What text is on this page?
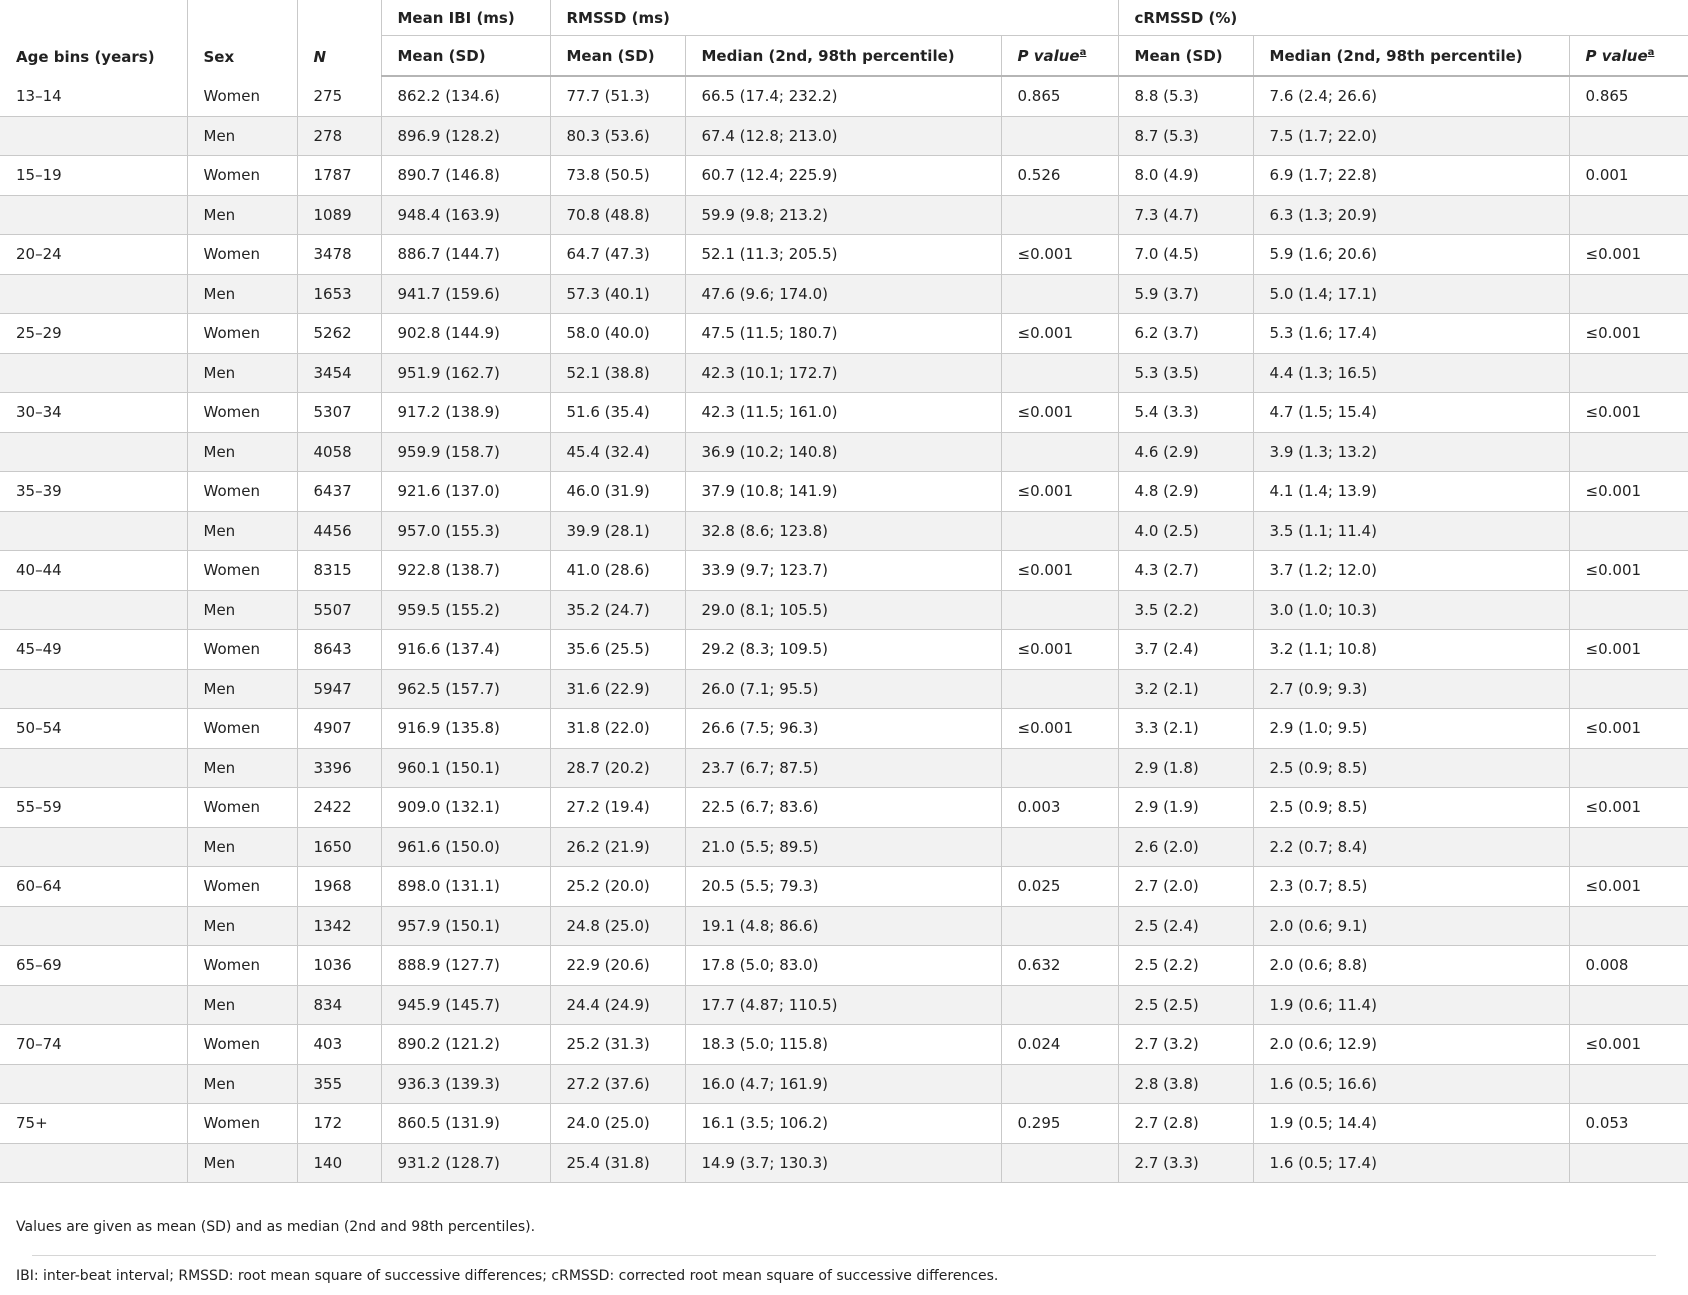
Age bins (years)	Sex	N	Mean IBI (ms)	RMSSD (ms)			cRMSSD (%)		
			Mean (SD)	Mean (SD)	Median (2nd, 98th percentile)	P value$^a$	Mean (SD)	Median (2nd, 98th percentile)	P value$^a$
13–14	Women	275	862.2 (134.6)	77.7 (51.3)	66.5 (17.4; 232.2)	0.865	8.8 (5.3)	7.6 (2.4; 26.6)	0.865
	Men	278	896.9 (128.2)	80.3 (53.6)	67.4 (12.8; 213.0)		8.7 (5.3)	7.5 (1.7; 22.0)	
15–19	Women	1787	890.7 (146.8)	73.8 (50.5)	60.7 (12.4; 225.9)	0.526	8.0 (4.9)	6.9 (1.7; 22.8)	0.001
	Men	1089	948.4 (163.9)	70.8 (48.8)	59.9 (9.8; 213.2)		7.3 (4.7)	6.3 (1.3; 20.9)	
20–24	Women	3478	886.7 (144.7)	64.7 (47.3)	52.1 (11.3; 205.5)	≤0.001	7.0 (4.5)	5.9 (1.6; 20.6)	≤0.001
	Men	1653	941.7 (159.6)	57.3 (40.1)	47.6 (9.6; 174.0)		5.9 (3.7)	5.0 (1.4; 17.1)	
25–29	Women	5262	902.8 (144.9)	58.0 (40.0)	47.5 (11.5; 180.7)	≤0.001	6.2 (3.7)	5.3 (1.6; 17.4)	≤0.001
	Men	3454	951.9 (162.7)	52.1 (38.8)	42.3 (10.1; 172.7)		5.3 (3.5)	4.4 (1.3; 16.5)	
30–34	Women	5307	917.2 (138.9)	51.6 (35.4)	42.3 (11.5; 161.0)	≤0.001	5.4 (3.3)	4.7 (1.5; 15.4)	≤0.001
	Men	4058	959.9 (158.7)	45.4 (32.4)	36.9 (10.2; 140.8)		4.6 (2.9)	3.9 (1.3; 13.2)	
35–39	Women	6437	921.6 (137.0)	46.0 (31.9)	37.9 (10.8; 141.9)	≤0.001	4.8 (2.9)	4.1 (1.4; 13.9)	≤0.001
	Men	4456	957.0 (155.3)	39.9 (28.1)	32.8 (8.6; 123.8)		4.0 (2.5)	3.5 (1.1; 11.4)	
40–44	Women	8315	922.8 (138.7)	41.0 (28.6)	33.9 (9.7; 123.7)	≤0.001	4.3 (2.7)	3.7 (1.2; 12.0)	≤0.001
	Men	5507	959.5 (155.2)	35.2 (24.7)	29.0 (8.1; 105.5)		3.5 (2.2)	3.0 (1.0; 10.3)	
45–49	Women	8643	916.6 (137.4)	35.6 (25.5)	29.2 (8.3; 109.5)	≤0.001	3.7 (2.4)	3.2 (1.1; 10.8)	≤0.001
	Men	5947	962.5 (157.7)	31.6 (22.9)	26.0 (7.1; 95.5)		3.2 (2.1)	2.7 (0.9; 9.3)	
50–54	Women	4907	916.9 (135.8)	31.8 (22.0)	26.6 (7.5; 96.3)	≤0.001	3.3 (2.1)	2.9 (1.0; 9.5)	≤0.001
	Men	3396	960.1 (150.1)	28.7 (20.2)	23.7 (6.7; 87.5)		2.9 (1.8)	2.5 (0.9; 8.5)	
55–59	Women	2422	909.0 (132.1)	27.2 (19.4)	22.5 (6.7; 83.6)	0.003	2.9 (1.9)	2.5 (0.9; 8.5)	≤0.001
	Men	1650	961.6 (150.0)	26.2 (21.9)	21.0 (5.5; 89.5)		2.6 (2.0)	2.2 (0.7; 8.4)	
60–64	Women	1968	898.0 (131.1)	25.2 (20.0)	20.5 (5.5; 79.3)	0.025	2.7 (2.0)	2.3 (0.7; 8.5)	≤0.001
	Men	1342	957.9 (150.1)	24.8 (25.0)	19.1 (4.8; 86.6)		2.5 (2.4)	2.0 (0.6; 9.1)	
65–69	Women	1036	888.9 (127.7)	22.9 (20.6)	17.8 (5.0; 83.0)	0.632	2.5 (2.2)	2.0 (0.6; 8.8)	0.008
	Men	834	945.9 (145.7)	24.4 (24.9)	17.7 (4.87; 110.5)		2.5 (2.5)	1.9 (0.6; 11.4)	
70–74	Women	403	890.2 (121.2)	25.2 (31.3)	18.3 (5.0; 115.8)	0.024	2.7 (3.2)	2.0 (0.6; 12.9)	≤0.001
	Men	355	936.3 (139.3)	27.2 (37.6)	16.0 (4.7; 161.9)		2.8 (3.8)	1.6 (0.5; 16.6)	
75+	Women	172	860.5 (131.9)	24.0 (25.0)	16.1 (3.5; 106.2)	0.295	2.7 (2.8)	1.9 (0.5; 14.4)	0.053
	Men	140	931.2 (128.7)	25.4 (31.8)	14.9 (3.7; 130.3)		2.7 (3.3)	1.6 (0.5; 17.4)	
Values are given as mean (SD) and as median (2nd and 98th percentiles).
IBI: inter-beat interval; RMSSD: root mean square of successive differences; cRMSSD: corrected root mean square of successive differences.
